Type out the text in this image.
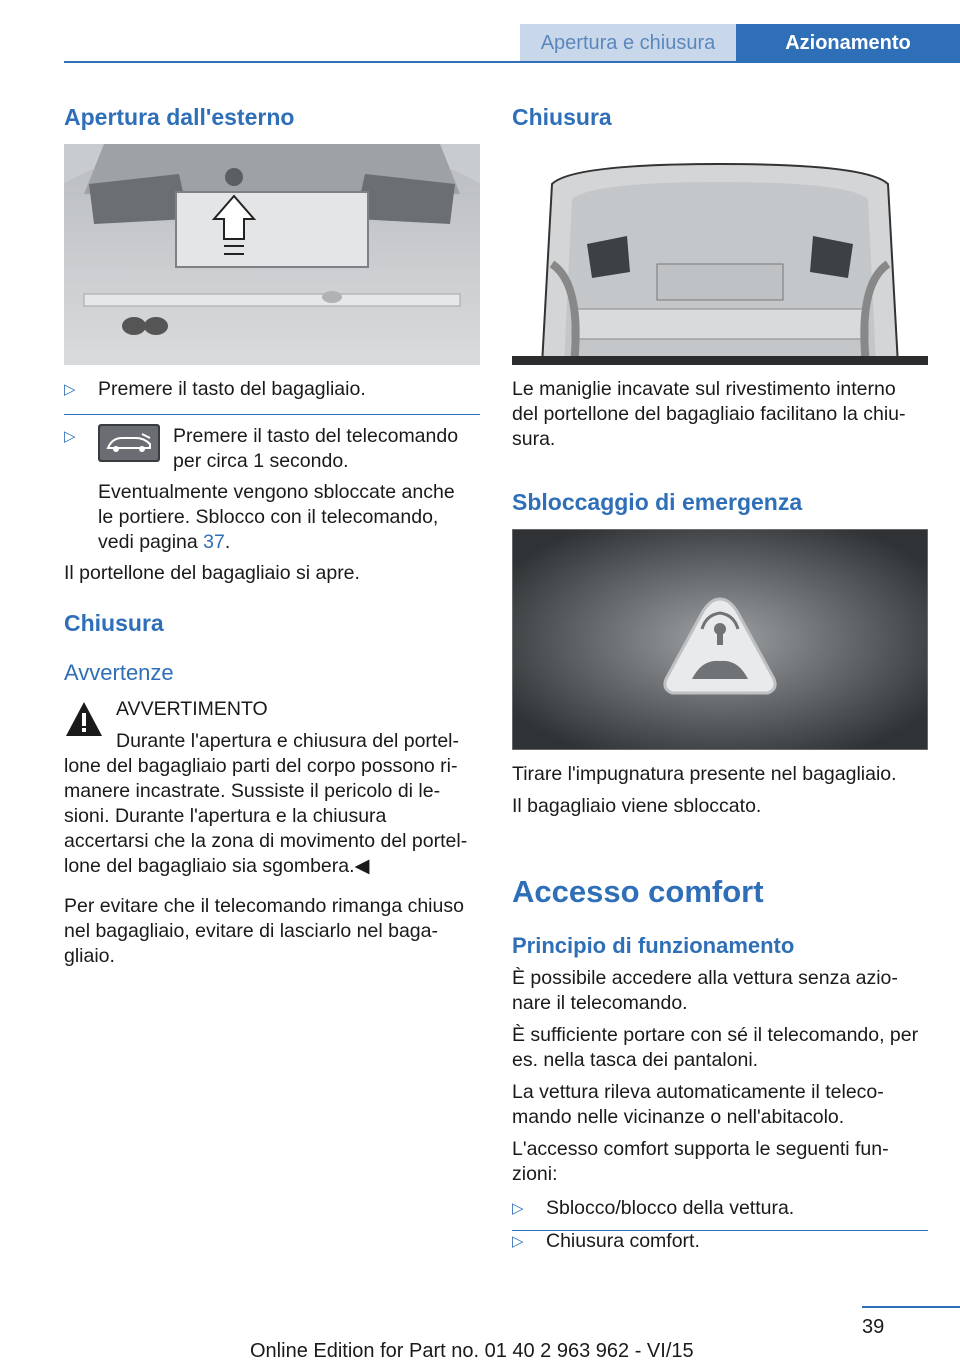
Apertura e chiusura	Azionamento
Apertura dall'esterno
▷ Premere il tasto del bagagliaio.
▷	Premere il tasto del telecomando
per circa 1 secondo.
Eventualmente vengono sbloccate anche
le portiere. Sblocco con il telecomando,
vedi pagina 37.
Il portellone del bagagliaio si apre.
Chiusura
Avvertenze
AVVERTIMENTO
Durante l'apertura e chiusura del portel‐
lone del bagagliaio parti del corpo possono ri‐
manere incastrate. Sussiste il pericolo di le‐
sioni. Durante l'apertura e la chiusura
accertarsi che la zona di movimento del portel‐
lone del bagagliaio sia sgombera.◀
Per evitare che il telecomando rimanga chiuso
nel bagagliaio, evitare di lasciarlo nel baga‐
gliaio.
Chiusura
Le maniglie incavate sul rivestimento interno
del portellone del bagagliaio facilitano la chiu‐
sura.
Sbloccaggio di emergenza
Tirare l'impugnatura presente nel bagagliaio.
Il bagagliaio viene sbloccato.
Accesso comfort
Principio di funzionamento
È possibile accedere alla vettura senza azio‐
nare il telecomando.
È sufficiente portare con sé il telecomando, per
es. nella tasca dei pantaloni.
La vettura rileva automaticamente il teleco‐
mando nelle vicinanze o nell'abitacolo.
L'accesso comfort supporta le seguenti fun‐
zioni:
▷ Sblocco/blocco della vettura.
▷ Chiusura comfort.
39
Online Edition for Part no. 01 40 2 963 962 - VI/15
